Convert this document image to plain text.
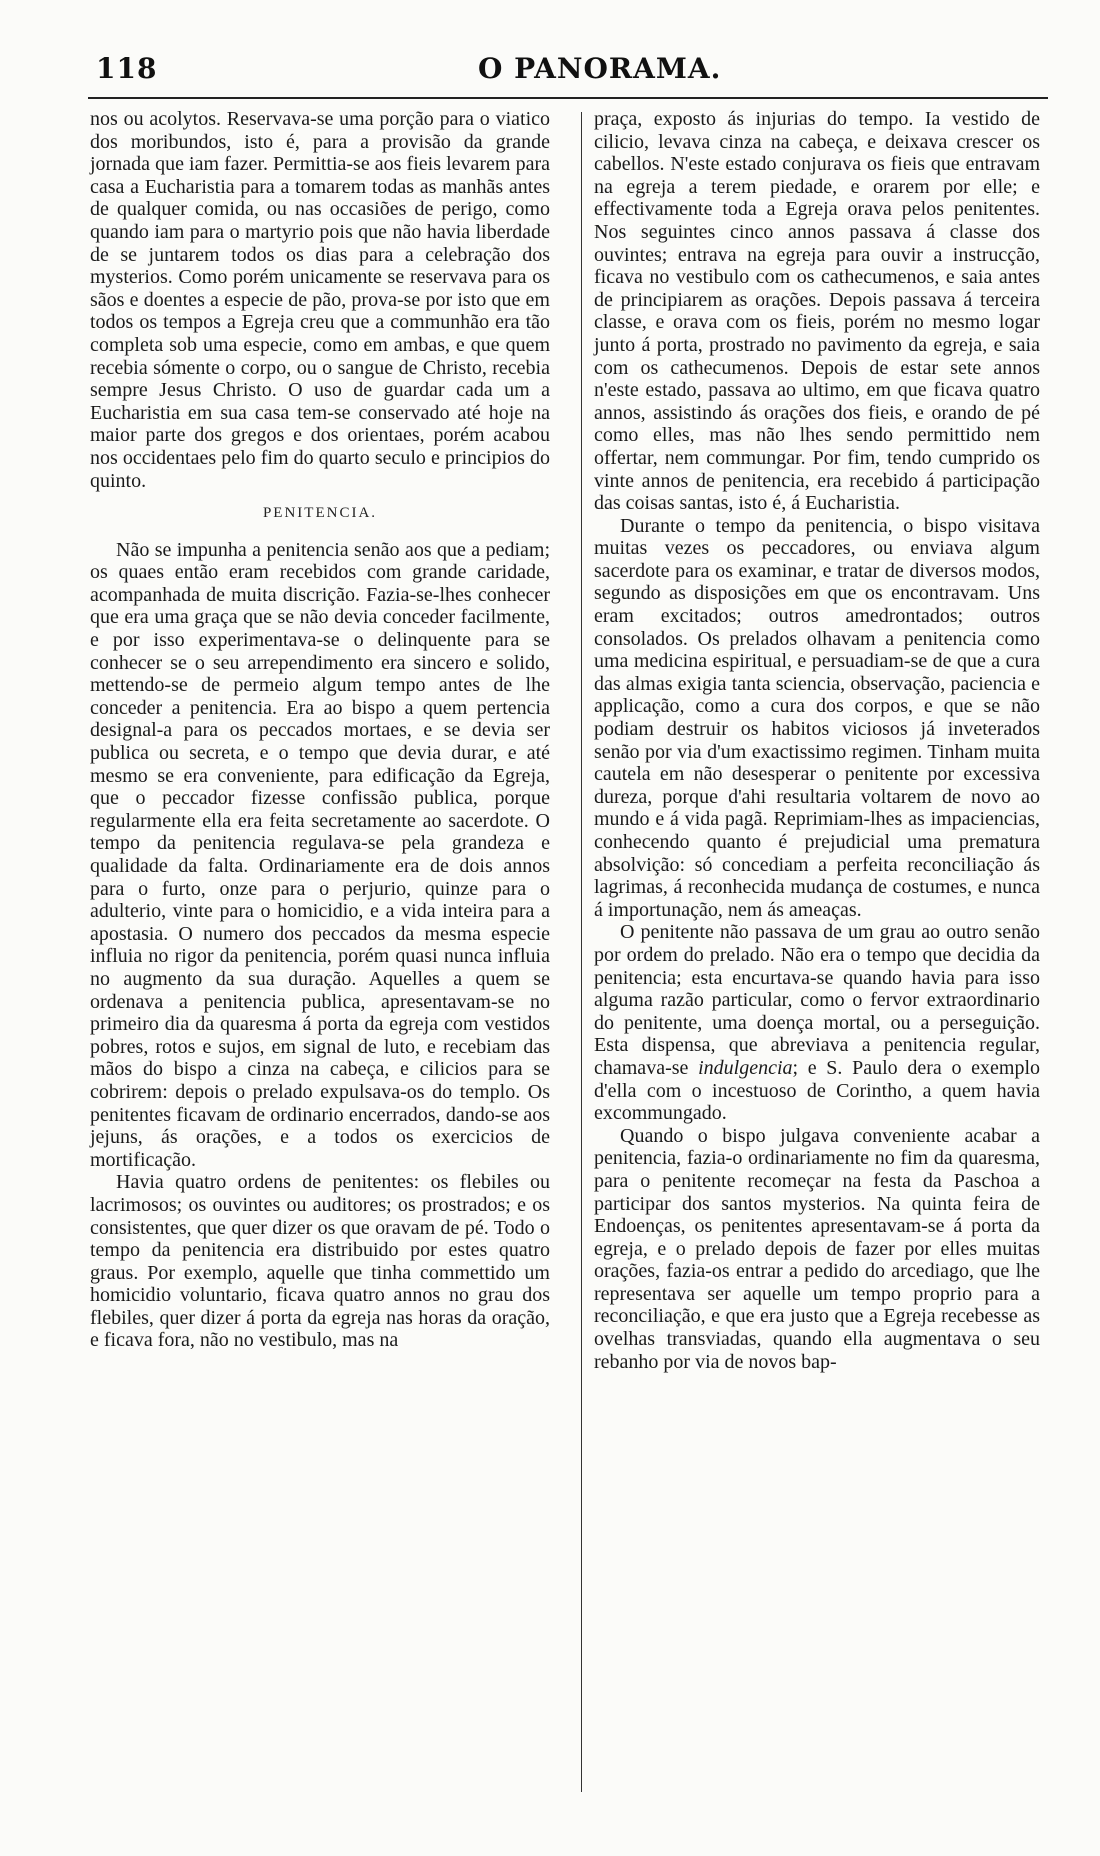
118	O PANORAMA.

nos ou acolytos. Reservava-se uma porção para o viatico dos moribundos, isto é, para a provisão da grande jornada que iam fazer. Permittia-se aos fieis levarem para casa a Eucharistia para a tomarem todas as manhãs antes de qualquer comida, ou nas occasiões de perigo, como quando iam para o martyrio pois que não havia liberdade de se juntarem todos os dias para a celebração dos mysterios. Como porém unicamente se reservava para os sãos e doentes a especie de pão, prova-se por isto que em todos os tempos a Egreja creu que a communhão era tão completa sob uma especie, como em ambas, e que quem recebia sómente o corpo, ou o sangue de Christo, recebia sempre Jesus Christo. O uso de guardar cada um a Eucharistia em sua casa tem-se conservado até hoje na maior parte dos gregos e dos orientaes, porém acabou nos occidentaes pelo fim do quarto seculo e principios do quinto.

PENITENCIA.

Não se impunha a penitencia senão aos que a pediam; os quaes então eram recebidos com grande caridade, acompanhada de muita discrição. Fazia-se-lhes conhecer que era uma graça que se não devia conceder facilmente, e por isso experimentava-se o delinquente para se conhecer se o seu arrependimento era sincero e solido, mettendo-se de permeio algum tempo antes de lhe conceder a penitencia. Era ao bispo a quem pertencia designal-a para os peccados mortaes, e se devia ser publica ou secreta, e o tempo que devia durar, e até mesmo se era conveniente, para edificação da Egreja, que o peccador fizesse confissão publica, porque regularmente ella era feita secretamente ao sacerdote. O tempo da penitencia regulava-se pela grandeza e qualidade da falta. Ordinariamente era de dois annos para o furto, onze para o perjurio, quinze para o adulterio, vinte para o homicidio, e a vida inteira para a apostasia. O numero dos peccados da mesma especie influia no rigor da penitencia, porém quasi nunca influia no augmento da sua duração. Aquelles a quem se ordenava a penitencia publica, apresentavam-se no primeiro dia da quaresma á porta da egreja com vestidos pobres, rotos e sujos, em signal de luto, e recebiam das mãos do bispo a cinza na cabeça, e cilicios para se cobrirem: depois o prelado expulsava-os do templo. Os penitentes ficavam de ordinario encerrados, dando-se aos jejuns, ás orações, e a todos os exercicios de mortificação.

Havia quatro ordens de penitentes: os flebiles ou lacrimosos; os ouvintes ou auditores; os prostrados; e os consistentes, que quer dizer os que oravam de pé. Todo o tempo da penitencia era distribuido por estes quatro graus. Por exemplo, aquelle que tinha commettido um homicidio voluntario, ficava quatro annos no grau dos flebiles, quer dizer á porta da egreja nas horas da oração, e ficava fora, não no vestibulo, mas na

praça, exposto ás injurias do tempo. Ia vestido de cilicio, levava cinza na cabeça, e deixava crescer os cabellos. N'este estado conjurava os fieis que entravam na egreja a terem piedade, e orarem por elle; e effectivamente toda a Egreja orava pelos penitentes. Nos seguintes cinco annos passava á classe dos ouvintes; entrava na egreja para ouvir a instrucção, ficava no vestibulo com os cathecumenos, e saia antes de principiarem as orações. Depois passava á terceira classe, e orava com os fieis, porém no mesmo logar junto á porta, prostrado no pavimento da egreja, e saia com os cathecumenos. Depois de estar sete annos n'este estado, passava ao ultimo, em que ficava quatro annos, assistindo ás orações dos fieis, e orando de pé como elles, mas não lhes sendo permittido nem offertar, nem commungar. Por fim, tendo cumprido os vinte annos de penitencia, era recebido á participação das coisas santas, isto é, á Eucharistia.

Durante o tempo da penitencia, o bispo visitava muitas vezes os peccadores, ou enviava algum sacerdote para os examinar, e tratar de diversos modos, segundo as disposições em que os encontravam. Uns eram excitados; outros amedrontados; outros consolados. Os prelados olhavam a penitencia como uma medicina espiritual, e persuadiam-se de que a cura das almas exigia tanta sciencia, observação, paciencia e applicação, como a cura dos corpos, e que se não podiam destruir os habitos viciosos já inveterados senão por via d'um exactissimo regimen. Tinham muita cautela em não desesperar o penitente por excessiva dureza, porque d'ahi resultaria voltarem de novo ao mundo e á vida pagã. Reprimiam-lhes as impaciencias, conhecendo quanto é prejudicial uma prematura absolvição: só concediam a perfeita reconciliação ás lagrimas, á reconhecida mudança de costumes, e nunca á importunação, nem ás ameaças.

O penitente não passava de um grau ao outro senão por ordem do prelado. Não era o tempo que decidia da penitencia; esta encurtava-se quando havia para isso alguma razão particular, como o fervor extraordinario do penitente, uma doença mortal, ou a perseguição. Esta dispensa, que abreviava a penitencia regular, chamava-se indulgencia; e S. Paulo dera o exemplo d'ella com o incestuoso de Corintho, a quem havia excommungado.

Quando o bispo julgava conveniente acabar a penitencia, fazia-o ordinariamente no fim da quaresma, para o penitente recomeçar na festa da Paschoa a participar dos santos mysterios. Na quinta feira de Endoenças, os penitentes apresentavam-se á porta da egreja, e o prelado depois de fazer por elles muitas orações, fazia-os entrar a pedido do arcediago, que lhe representava ser aquelle um tempo proprio para a reconciliação, e que era justo que a Egreja recebesse as ovelhas transviadas, quando ella augmentava o seu rebanho por via de novos bap-
